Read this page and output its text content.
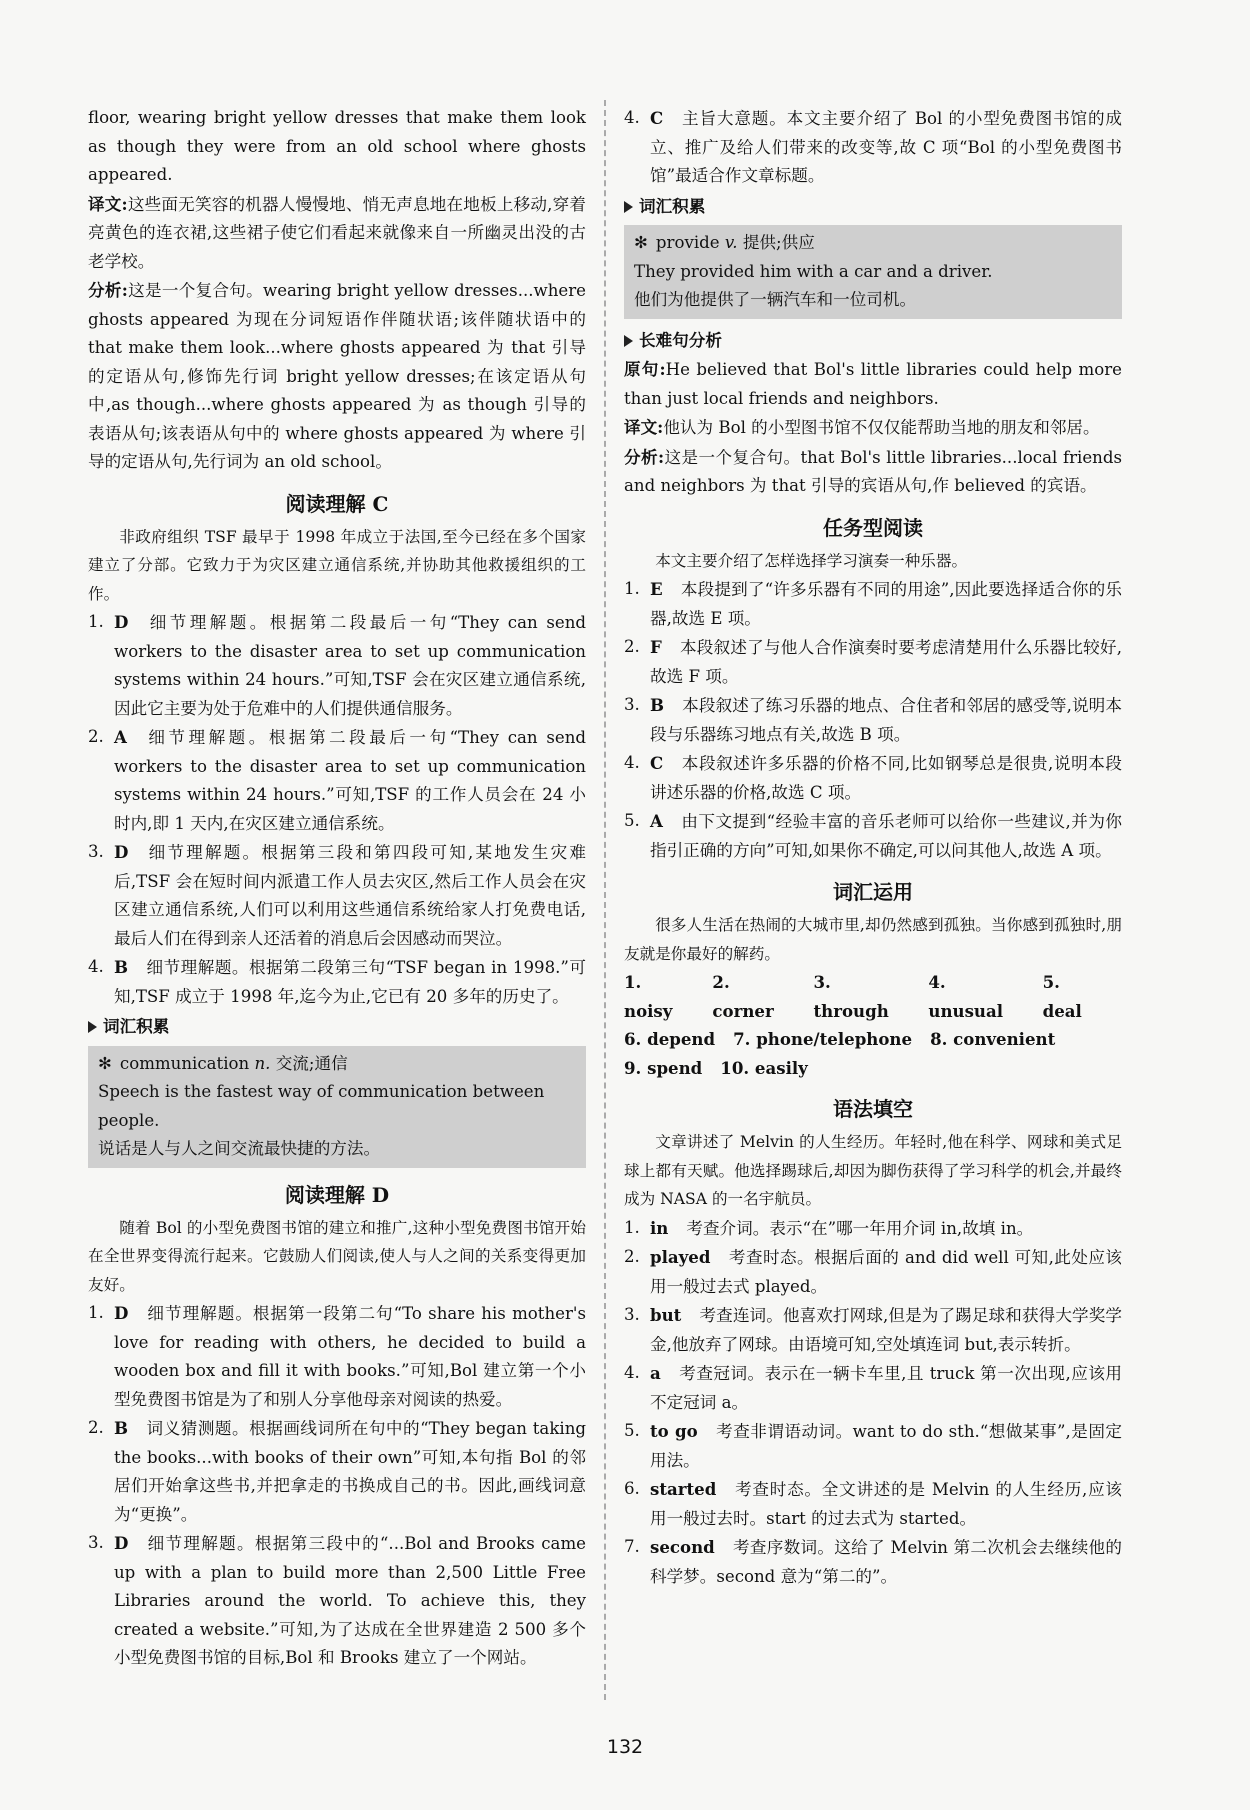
floor, wearing bright yellow dresses that make them look as though they were from an old school where ghosts appeared.

译文:这些面无笑容的机器人慢慢地、悄无声息地在地板上移动,穿着亮黄色的连衣裙,这些裙子使它们看起来就像来自一所幽灵出没的古老学校。

分析:这是一个复合句。wearing bright yellow dresses...where ghosts appeared 为现在分词短语作伴随状语;该伴随状语中的 that make them look...where ghosts appeared 为 that 引导的定语从句,修饰先行词 bright yellow dresses;在该定语从句中,as though...where ghosts appeared 为 as though 引导的表语从句;该表语从句中的 where ghosts appeared 为 where 引导的定语从句,先行词为 an old school。

阅读理解 C

非政府组织 TSF 最早于 1998 年成立于法国,至今已经在多个国家建立了分部。它致力于为灾区建立通信系统,并协助其他救援组织的工作。

1. D 细节理解题。根据第二段最后一句“They can send workers to the disaster area to set up communication systems within 24 hours.”可知,TSF 会在灾区建立通信系统,因此它主要为处于危难中的人们提供通信服务。
2. A 细节理解题。根据第二段最后一句“They can send workers to the disaster area to set up communication systems within 24 hours.”可知,TSF 的工作人员会在 24 小时内,即 1 天内,在灾区建立通信系统。
3. D 细节理解题。根据第三段和第四段可知,某地发生灾难后,TSF 会在短时间内派遣工作人员去灾区,然后工作人员会在灾区建立通信系统,人们可以利用这些通信系统给家人打免费电话,最后人们在得到亲人还活着的消息后会因感动而哭泣。
4. B 细节理解题。根据第二段第三句“TSF began in 1998.”可知,TSF 成立于 1998 年,迄今为止,它已有 20 多年的历史了。
词汇积累
✻ communication n. 交流;通信
Speech is the fastest way of communication between people.
说话是人与人之间交流最快捷的方法。
阅读理解 D

随着 Bol 的小型免费图书馆的建立和推广,这种小型免费图书馆开始在全世界变得流行起来。它鼓励人们阅读,使人与人之间的关系变得更加友好。

1. D 细节理解题。根据第一段第二句“To share his mother's love for reading with others, he decided to build a wooden box and fill it with books.”可知,Bol 建立第一个小型免费图书馆是为了和别人分享他母亲对阅读的热爱。
2. B 词义猜测题。根据画线词所在句中的“They began taking the books...with books of their own”可知,本句指 Bol 的邻居们开始拿这些书,并把拿走的书换成自己的书。因此,画线词意为“更换”。
3. D 细节理解题。根据第三段中的“...Bol and Brooks came up with a plan to build more than 2,500 Little Free Libraries around the world. To achieve this, they created a website.”可知,为了达成在全世界建造 2 500 多个小型免费图书馆的目标,Bol 和 Brooks 建立了一个网站。
4. C 主旨大意题。本文主要介绍了 Bol 的小型免费图书馆的成立、推广及给人们带来的改变等,故 C 项“Bol 的小型免费图书馆”最适合作文章标题。
词汇积累
✻ provide v. 提供;供应
They provided him with a car and a driver.
他们为他提供了一辆汽车和一位司机。
长难句分析

原句:He believed that Bol's little libraries could help more than just local friends and neighbors.

译文:他认为 Bol 的小型图书馆不仅仅能帮助当地的朋友和邻居。

分析:这是一个复合句。that Bol's little libraries...local friends and neighbors 为 that 引导的宾语从句,作 believed 的宾语。

任务型阅读

本文主要介绍了怎样选择学习演奏一种乐器。

1. E 本段提到了“许多乐器有不同的用途”,因此要选择适合你的乐器,故选 E 项。
2. F 本段叙述了与他人合作演奏时要考虑清楚用什么乐器比较好,故选 F 项。
3. B 本段叙述了练习乐器的地点、合住者和邻居的感受等,说明本段与乐器练习地点有关,故选 B 项。
4. C 本段叙述许多乐器的价格不同,比如钢琴总是很贵,说明本段讲述乐器的价格,故选 C 项。
5. A 由下文提到“经验丰富的音乐老师可以给你一些建议,并为你指引正确的方向”可知,如果你不确定,可以问其他人,故选 A 项。
词汇运用

很多人生活在热闹的大城市里,却仍然感到孤独。当你感到孤独时,朋友就是你最好的解药。

1. noisy
2. corner
3. through
4. unusual
5. deal
6. depend 7. phone/telephone 8. convenient
9. spend 10. easily
语法填空

文章讲述了 Melvin 的人生经历。年轻时,他在科学、网球和美式足球上都有天赋。他选择踢球后,却因为脚伤获得了学习科学的机会,并最终成为 NASA 的一名宇航员。

1. in 考查介词。表示“在”哪一年用介词 in,故填 in。
2. played 考查时态。根据后面的 and did well 可知,此处应该用一般过去式 played。
3. but 考查连词。他喜欢打网球,但是为了踢足球和获得大学奖学金,他放弃了网球。由语境可知,空处填连词 but,表示转折。
4. a 考查冠词。表示在一辆卡车里,且 truck 第一次出现,应该用不定冠词 a。
5. to go 考查非谓语动词。want to do sth.“想做某事”,是固定用法。
6. started 考查时态。全文讲述的是 Melvin 的人生经历,应该用一般过去时。start 的过去式为 started。
7. second 考查序数词。这给了 Melvin 第二次机会去继续他的科学梦。second 意为“第二的”。
132
